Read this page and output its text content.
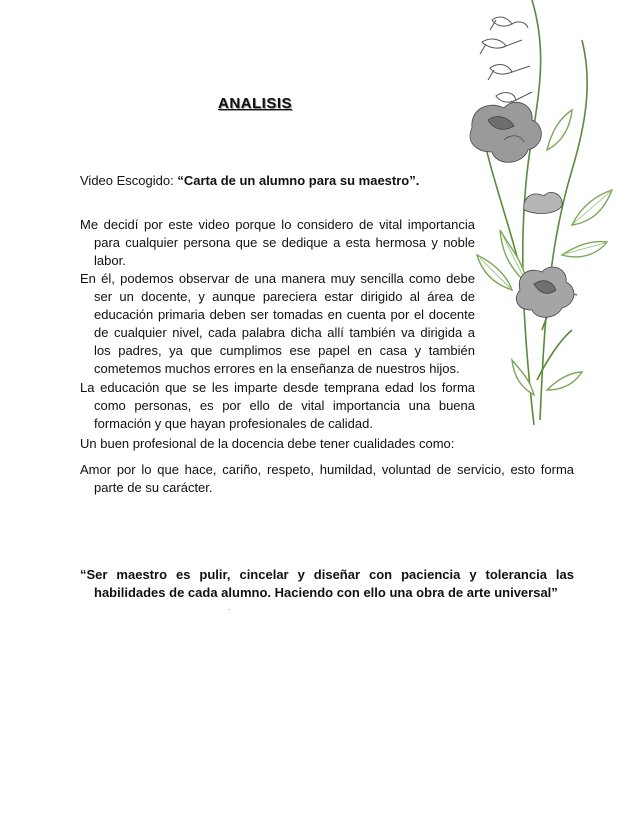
ANALISIS
Video Escogido: “Carta de un alumno para su maestro”.
Me decidí por este video porque lo considero de vital importancia para cualquier persona que se dedique a esta hermosa y noble labor.
En él, podemos observar de una manera muy sencilla como debe ser un docente, y aunque pareciera estar dirigido al área de educación primaria deben ser tomadas en cuenta por el docente de cualquier nivel, cada palabra dicha allí también va dirigida a los padres, ya que cumplimos ese papel en casa y también cometemos muchos errores en la enseñanza de nuestros hijos.
La educación que se les imparte desde temprana edad los forma como personas, es por ello de vital importancia una buena formación y que hayan profesionales de calidad.
Un buen profesional de la docencia debe tener cualidades como:
Amor por lo que hace, cariño, respeto, humildad, voluntad de servicio, esto forma parte de su carácter.
“Ser maestro es pulir, cincelar y diseñar con paciencia y tolerancia las habilidades de cada alumno. Haciendo con ello una obra de arte universal”
.
